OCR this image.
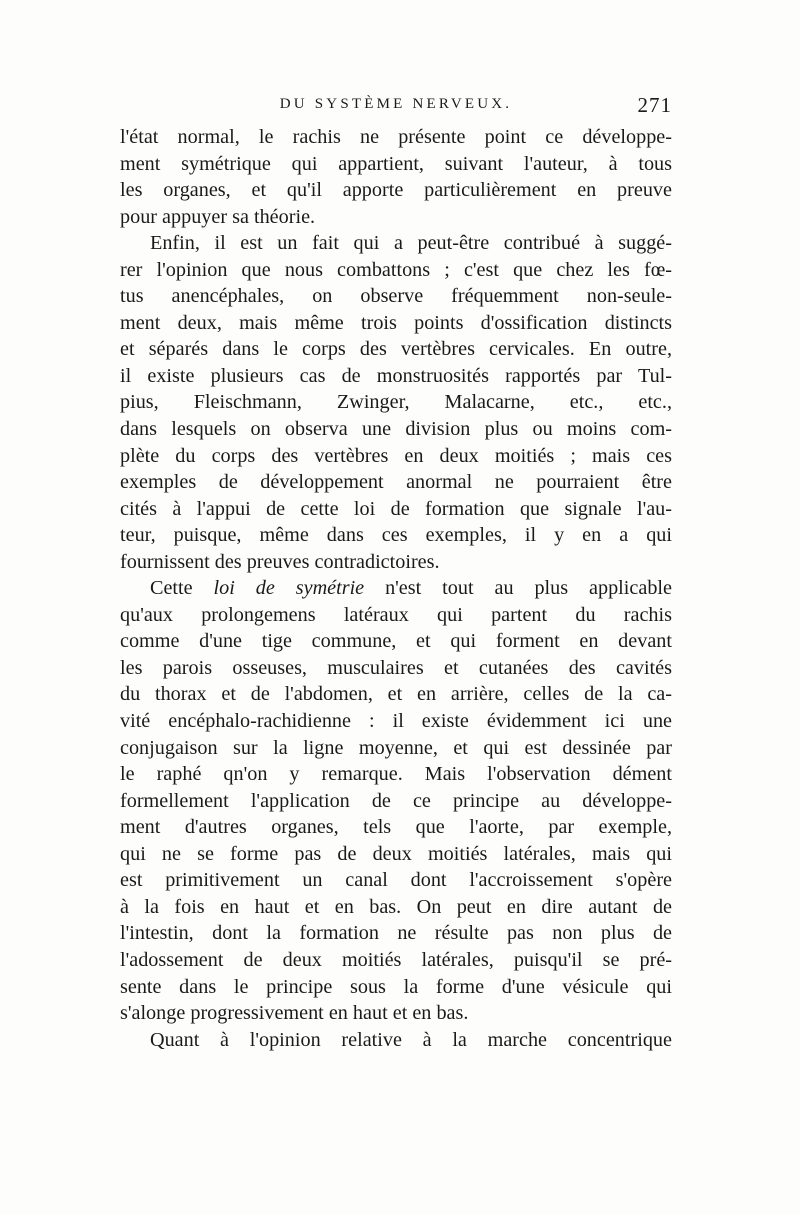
DU SYSTÈME NERVEUX.	271
l'état normal, le rachis ne présente point ce développe-
ment symétrique qui appartient, suivant l'auteur, à tous
les organes, et qu'il apporte particulièrement en preuve
pour appuyer sa théorie.
Enfin, il est un fait qui a peut-être contribué à suggé-
rer l'opinion que nous combattons ; c'est que chez les fœ-
tus anencéphales, on observe fréquemment non-seule-
ment deux, mais même trois points d'ossification distincts
et séparés dans le corps des vertèbres cervicales. En outre,
il existe plusieurs cas de monstruosités rapportés par Tul-
pius, Fleischmann, Zwinger, Malacarne, etc., etc.,
dans lesquels on observa une division plus ou moins com-
plète du corps des vertèbres en deux moitiés ; mais ces
exemples de développement anormal ne pourraient être
cités à l'appui de cette loi de formation que signale l'au-
teur, puisque, même dans ces exemples, il y en a qui
fournissent des preuves contradictoires.
Cette loi de symétrie n'est tout au plus applicable
qu'aux prolongemens latéraux qui partent du rachis
comme d'une tige commune, et qui forment en devant
les parois osseuses, musculaires et cutanées des cavités
du thorax et de l'abdomen, et en arrière, celles de la ca-
vité encéphalo-rachidienne : il existe évidemment ici une
conjugaison sur la ligne moyenne, et qui est dessinée par
le raphé qn'on y remarque. Mais l'observation dément
formellement l'application de ce principe au développe-
ment d'autres organes, tels que l'aorte, par exemple,
qui ne se forme pas de deux moitiés latérales, mais qui
est primitivement un canal dont l'accroissement s'opère
à la fois en haut et en bas. On peut en dire autant de
l'intestin, dont la formation ne résulte pas non plus de
l'adossement de deux moitiés latérales, puisqu'il se pré-
sente dans le principe sous la forme d'une vésicule qui
s'alonge progressivement en haut et en bas.
Quant à l'opinion relative à la marche concentrique
